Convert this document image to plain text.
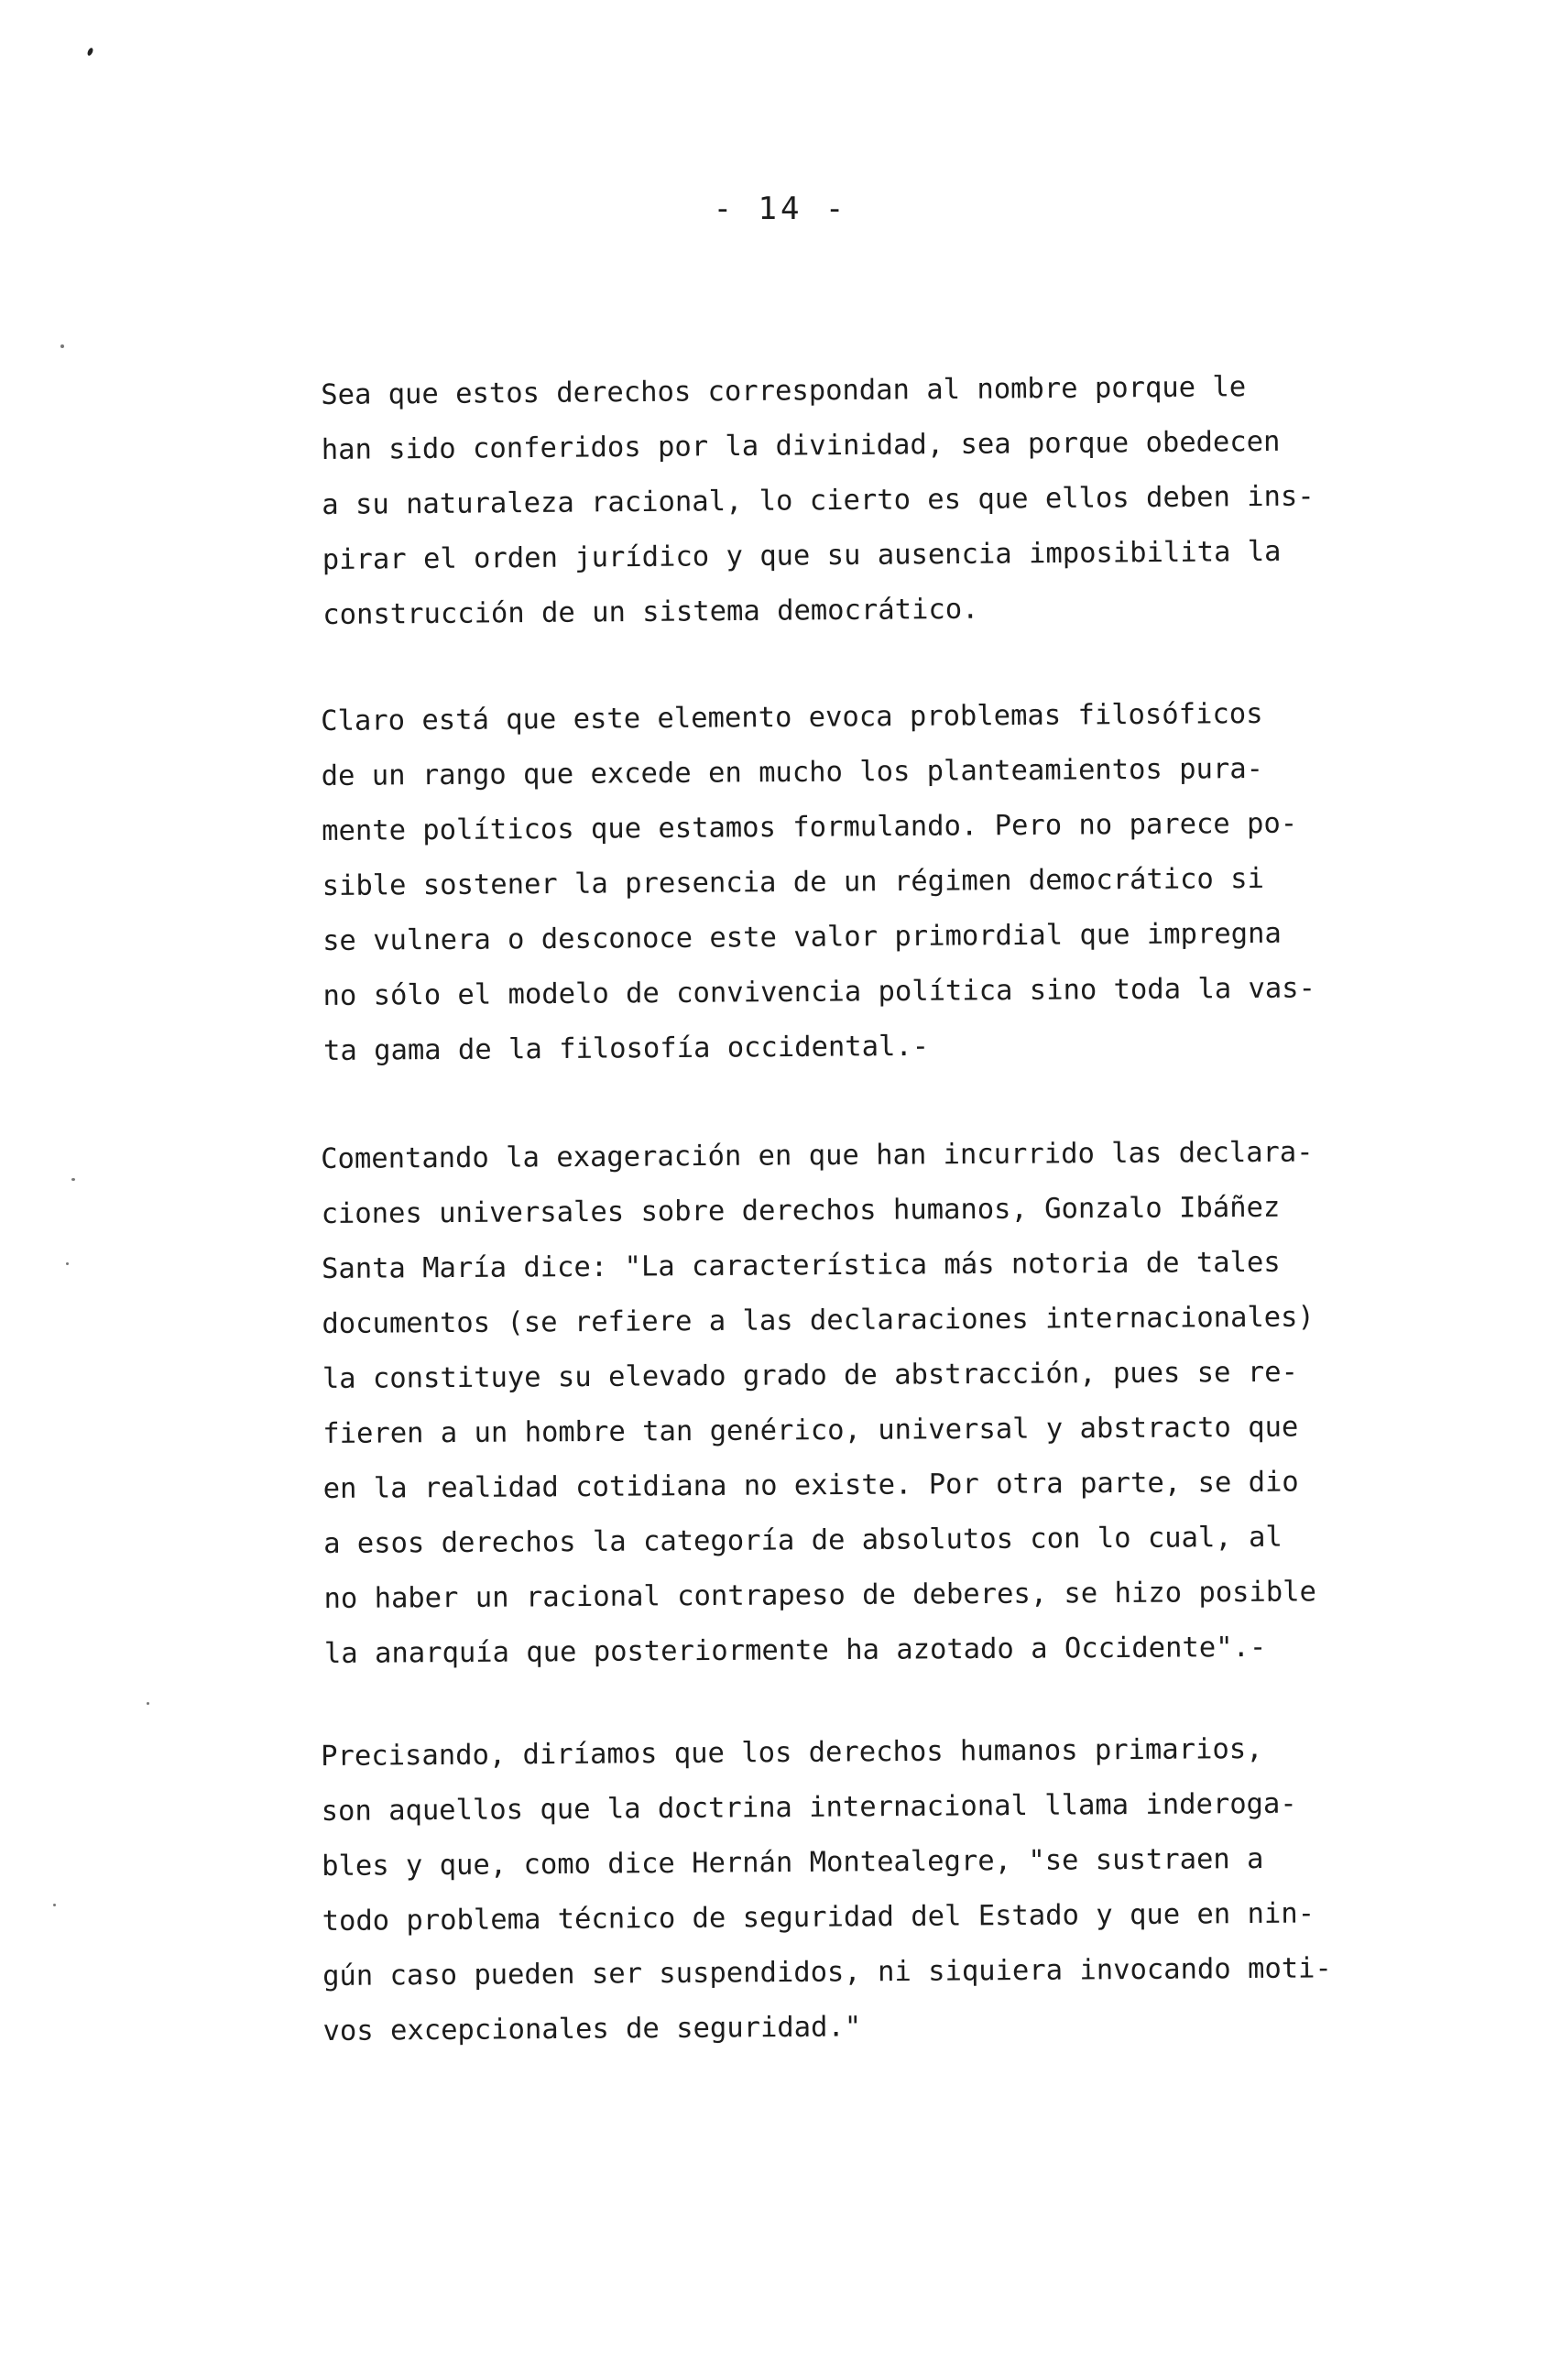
- 14 -
Sea que estos derechos correspondan al nombre porque le
han sido conferidos por la divinidad, sea porque obedecen
a su naturaleza racional, lo cierto es que ellos deben ins-
pirar el orden jurídico y que su ausencia imposibilita la
construcción de un sistema democrático.
Claro está que este elemento evoca problemas filosóficos
de un rango que excede en mucho los planteamientos pura-
mente políticos que estamos formulando. Pero no parece po-
sible sostener la presencia de un régimen democrático si
se vulnera o desconoce este valor primordial que impregna
no sólo el modelo de convivencia política sino toda la vas-
ta gama de la filosofía occidental.-
Comentando la exageración en que han incurrido las declara-
ciones universales sobre derechos humanos, Gonzalo Ibáñez
Santa María dice: "La característica más notoria de tales
documentos (se refiere a las declaraciones internacionales)
la constituye su elevado grado de abstracción, pues se re-
fieren a un hombre tan genérico, universal y abstracto que
en la realidad cotidiana no existe. Por otra parte, se dio
a esos derechos la categoría de absolutos con lo cual, al
no haber un racional contrapeso de deberes, se hizo posible
la anarquía que posteriormente ha azotado a Occidente".-
Precisando, diríamos que los derechos humanos primarios,
son aquellos que la doctrina internacional llama inderoga-
bles y que, como dice Hernán Montealegre, "se sustraen a
todo problema técnico de seguridad del Estado y que en nin-
gún caso pueden ser suspendidos, ni siquiera invocando moti-
vos excepcionales de seguridad."
